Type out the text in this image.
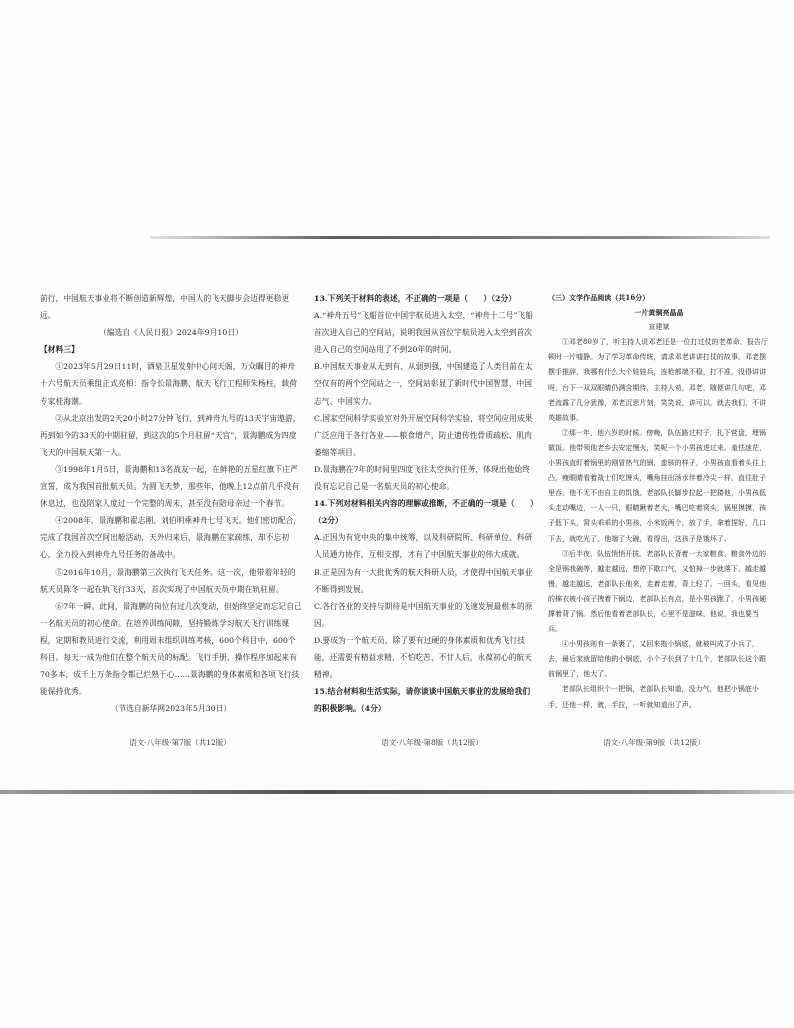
前行，中国航天事业将不断创造新辉煌，中国人的飞天脚步会迈得更稳更远。

（编选自《人民日报》2024年9月10日）

【材料三】

①2023年5月29日11时，酒泉卫星发射中心问天阁，万众瞩目的神舟十六号航天员乘组正式亮相：指令长景海鹏，航天飞行工程师朱杨柱，载荷专家桂海潮。

②从北京出发的2天20小时27分钟飞行，到神舟九号的13天宇宙遨游，再到如今的33天的中期驻留，到这次的5个月驻留“天宫”，景海鹏成为四度飞天的中国航天第一人。

③1998年1月5日，景海鹏和13名战友一起，在鲜艳的五星红旗下庄严宣誓，成为我国首批航天员。为圆飞天梦，那些年，他晚上12点前几乎没有休息过，也没陪家人度过一个完整的周末，甚至没有陪母亲过一个春节。

④2008年，景海鹏和翟志刚、刘伯明乘神舟七号飞天。他们密切配合，完成了我国首次空间出舱活动，天外归来后，景海鹏在家疏练，却不忘初心，全力投入到神舟九号任务的备战中。

⑤2016年10月，景海鹏第三次执行飞天任务。这一次，他带着年轻的航天员陈冬一起在轨飞行33天，首次实现了中国航天员中期在轨驻留。

⑥7年一瞬。此间，景海鹏的岗位有过几次变动，但始终坚定而忘记自己一名航天员的初心使命。在培养训练间隙，坚持锻炼学习航天飞行训练课程，定期和教员进行交流，利用周末组织训练考核，600个科目中，600个科目。每天一成为他们在整个航天员的标配。飞行手册、操作程序加起来有70多本，成千上万条指令都已烂熟于心……景海鹏的身体素质和各项飞行技能保持优秀。

（节选自新华网2023年5月30日）

13.下列关于材料的表述，不正确的一项是（　　）（2分）

A.“神舟五号”飞船首位中国宇航员进入太空，“神舟十二号”飞船首次进入自己的空间站，说明我国从首位宇航员进入太空到首次进入自己的空间站用了不到20年的时间。

B.中国航天事业从无到有、从弱到强，中国建造了人类目前在太空仅有的两个空间站之一，空间站彰显了新时代中国智慧、中国志气、中国实力。

C.国家空间科学实验室对外开展空间科学实验，将空间应用成果广泛应用于各行各业——粮食增产，防止遗传性骨质疏松、肌肉萎缩等项目。

D.景海鹏在7年的时间里四度飞往太空执行任务，体现出他始终没有忘记自己是一名航天员的初心使命。

14.下列对材料相关内容的理解或推断，不正确的一项是（　　）（2分）

A.正因为有党中央的集中统筹，以及科研院所、科研单位、科研人员通力协作，互相支撑，才有了中国航天事业的伟大成就。

B.正是因为有一大批优秀的航天科研人员，才使得中国航天事业不断得到发展。

C.各行各业的支持与期待是中国航天事业的飞速发展最根本的原因。

D.要成为一个航天员，除了要有过硬的身体素质和优秀飞行技能，还需要有精益求精、不怕吃苦、不甘人后，永葆初心的航天精神。

15.结合材料和生活实际，请你谈谈中国航天事业的发展给我们的积极影响。（4分）

（三）文学作品阅读（共16分）

一片黄铜亮晶晶

宣建斌

①邓老80岁了，听主持人说邓老还是一位打过仗的老革命，报告厅顿时一片嘘静。为了学习革命传统，请求邓老讲讲打仗的故事。邓老摆摆手推辞，我哪有什么大个娃娃兵，连枪都端不稳，打不准，没得讲讲呀，台下一双双眼睛仍满含期待，主持人劝，邓老，随便讲几句吧，邓老流露了几分犹豫，邓老沉思片刻，笑笑说，讲可以，就去我们，不讲英雄故事。

②那一年，他六岁的时候。傍晚，队伍路过村子，扎下营盘，埋锅做饭。他带领他老乡去安定慢火，笑呢一个小男孩进过来。羞怯迷茫，小男孩直盯着锅里的刚冒热气的锅，蛮骇的样子，小男孩直看着头往上凸，瘦眼睛看着战士们吃馒头，嘴角挂出汤水伴着冷尖一样，直往肚子里吞。他不无不由自主的饥饿。老部队长脚步拉起一把搂他，小男孩低头走动嘴边，一人一只，眼睛瞅着老大，嘴巴吃着窝头，锅里摸摸，孩子低下头，窝头乖乖的小男孩，小米饭两个，放了手，拿着捏好，几口下去，就吃光了，他端了大碗，看得出，这孩子是饿坏了。

③后半夜，队伍悄悄开拔。老部队长背着一大家粮食、粮食外边的全是锅我碗等，越走越远，想停下歇口气，又怕掉一步就落下。越走越慢，越走越远，老部队长他来，走着走着，背上轻了。一回头，看见他的棉衣被小孩子拽着下锅边，老部队长有点，是小男孩跑了，小男孩硬撑着背了锅。然后他看着老部队长，心里不是滋味，他说，我也要当兵。

④小男孩则有一条裹了，又回来拖小锅底，就被叫成了小兵了，去，最后家就留给他的小锅底，小个子长到了十几个，老部队长这个跟前锅里了，他大了。

老部队长组织个一把锅，老部队长知道，没力气，他把小锅底小手，还他一样，就，手拉，一听就知道出了声。

语文·八年级·第7版（共12版）	语文·八年级·第8版（共12版）	语文·八年级·第9版（共12版）
